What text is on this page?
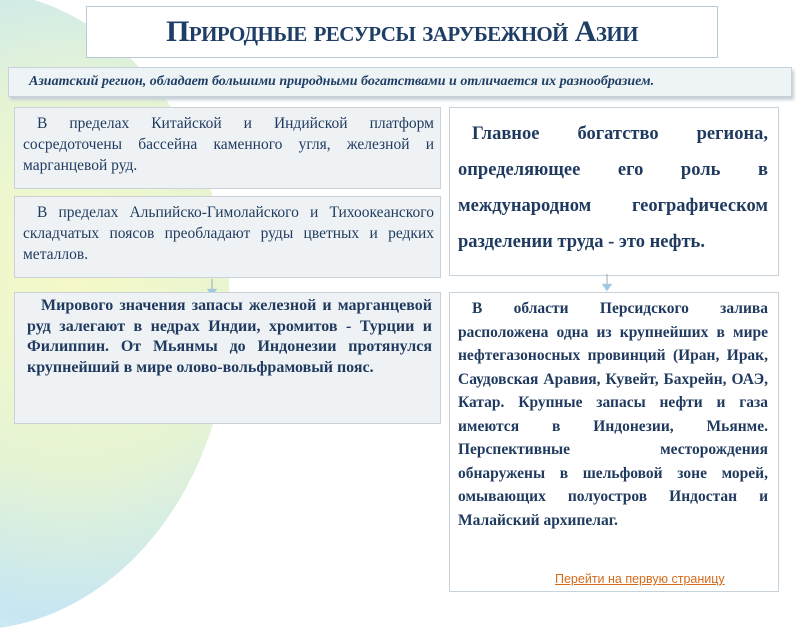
Природные ресурсы зарубежной Азии
Азиатский регион, обладает большими природными богатствами и отличается их разнообразием.
В пределах Китайской и Индийской платформ сосредоточены бассейна каменного угля, железной и марганцевой руд.
В пределах Альпийско-Гимолайского и Тихоокеанского складчатых поясов преобладают руды цветных и редких металлов.
Мирового значения запасы железной и марганцевой руд залегают в недрах Индии, хромитов - Турции и Филиппин. От Мьянмы до Индонезии протянулся крупнейший в мире олово-вольфрамовый пояс.
Главное богатство региона, определяющее его роль в международном географическом разделении труда - это нефть.
В области Персидского залива расположена одна из крупнейших в мире нефтегазоносных провинций (Иран, Ирак, Саудовская Аравия, Кувейт, Бахрейн, ОАЭ, Катар. Крупные запасы нефти и газа имеются в Индонезии, Мьянме. Перспективные месторождения обнаружены в шельфовой зоне морей, омывающих полуостров Индостан и Малайский архипелаг.
Перейти на первую страницу
